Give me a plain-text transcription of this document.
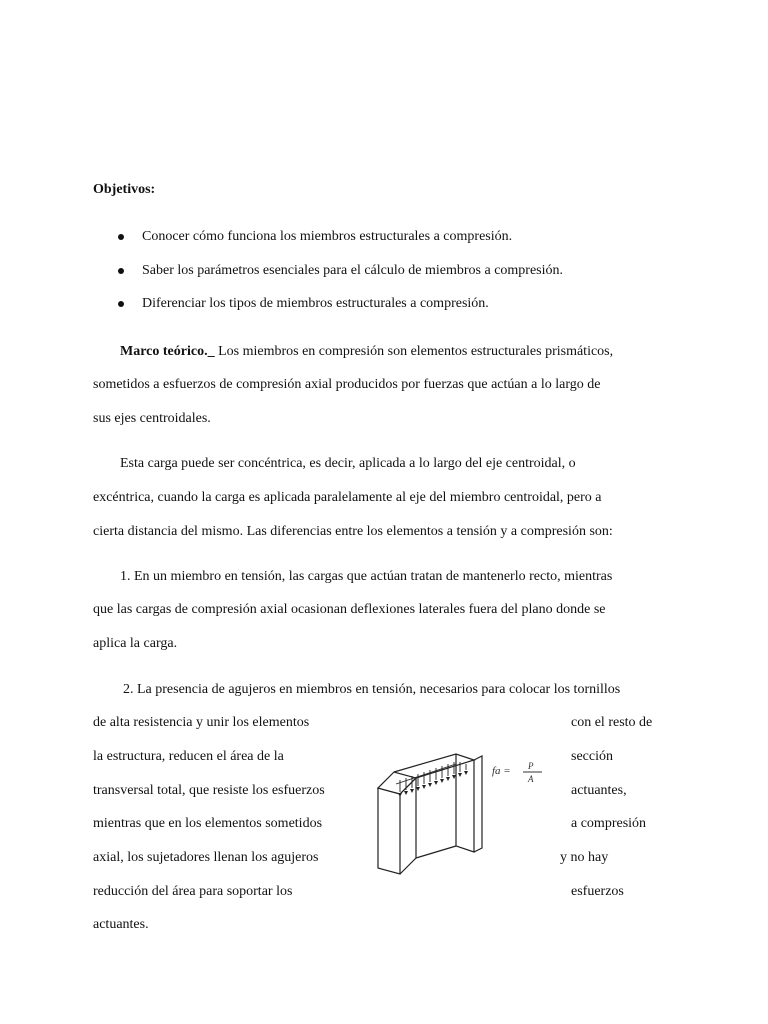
Objetivos:
Conocer cómo funciona los miembros estructurales a compresión.
Saber los parámetros esenciales para el cálculo de miembros a compresión.
Diferenciar los tipos de miembros estructurales a compresión.
Marco teórico._ Los miembros en compresión son elementos estructurales prismáticos,
sometidos a esfuerzos de compresión axial producidos por fuerzas que actúan a lo largo de
sus ejes centroidales.
Esta carga puede ser concéntrica, es decir, aplicada a lo largo del eje centroidal, o
excéntrica, cuando la carga es aplicada paralelamente al eje del miembro centroidal, pero a
cierta distancia del mismo. Las diferencias entre los elementos a tensión y a compresión son:
1. En un miembro en tensión, las cargas que actúan tratan de mantenerlo recto, mientras
que las cargas de compresión axial ocasionan deflexiones laterales fuera del plano donde se
aplica la carga.
2. La presencia de agujeros en miembros en tensión, necesarios para colocar los tornillos
de alta resistencia y unir los elementos
la estructura, reducen el área de la
transversal total, que resiste los esfuerzos
mientras que en los elementos sometidos
axial, los sujetadores llenan los agujeros
reducción del área para soportar los
con el resto de
sección
actuantes,
a compresión
y no hay
esfuerzos
actuantes.
fa = P
A
